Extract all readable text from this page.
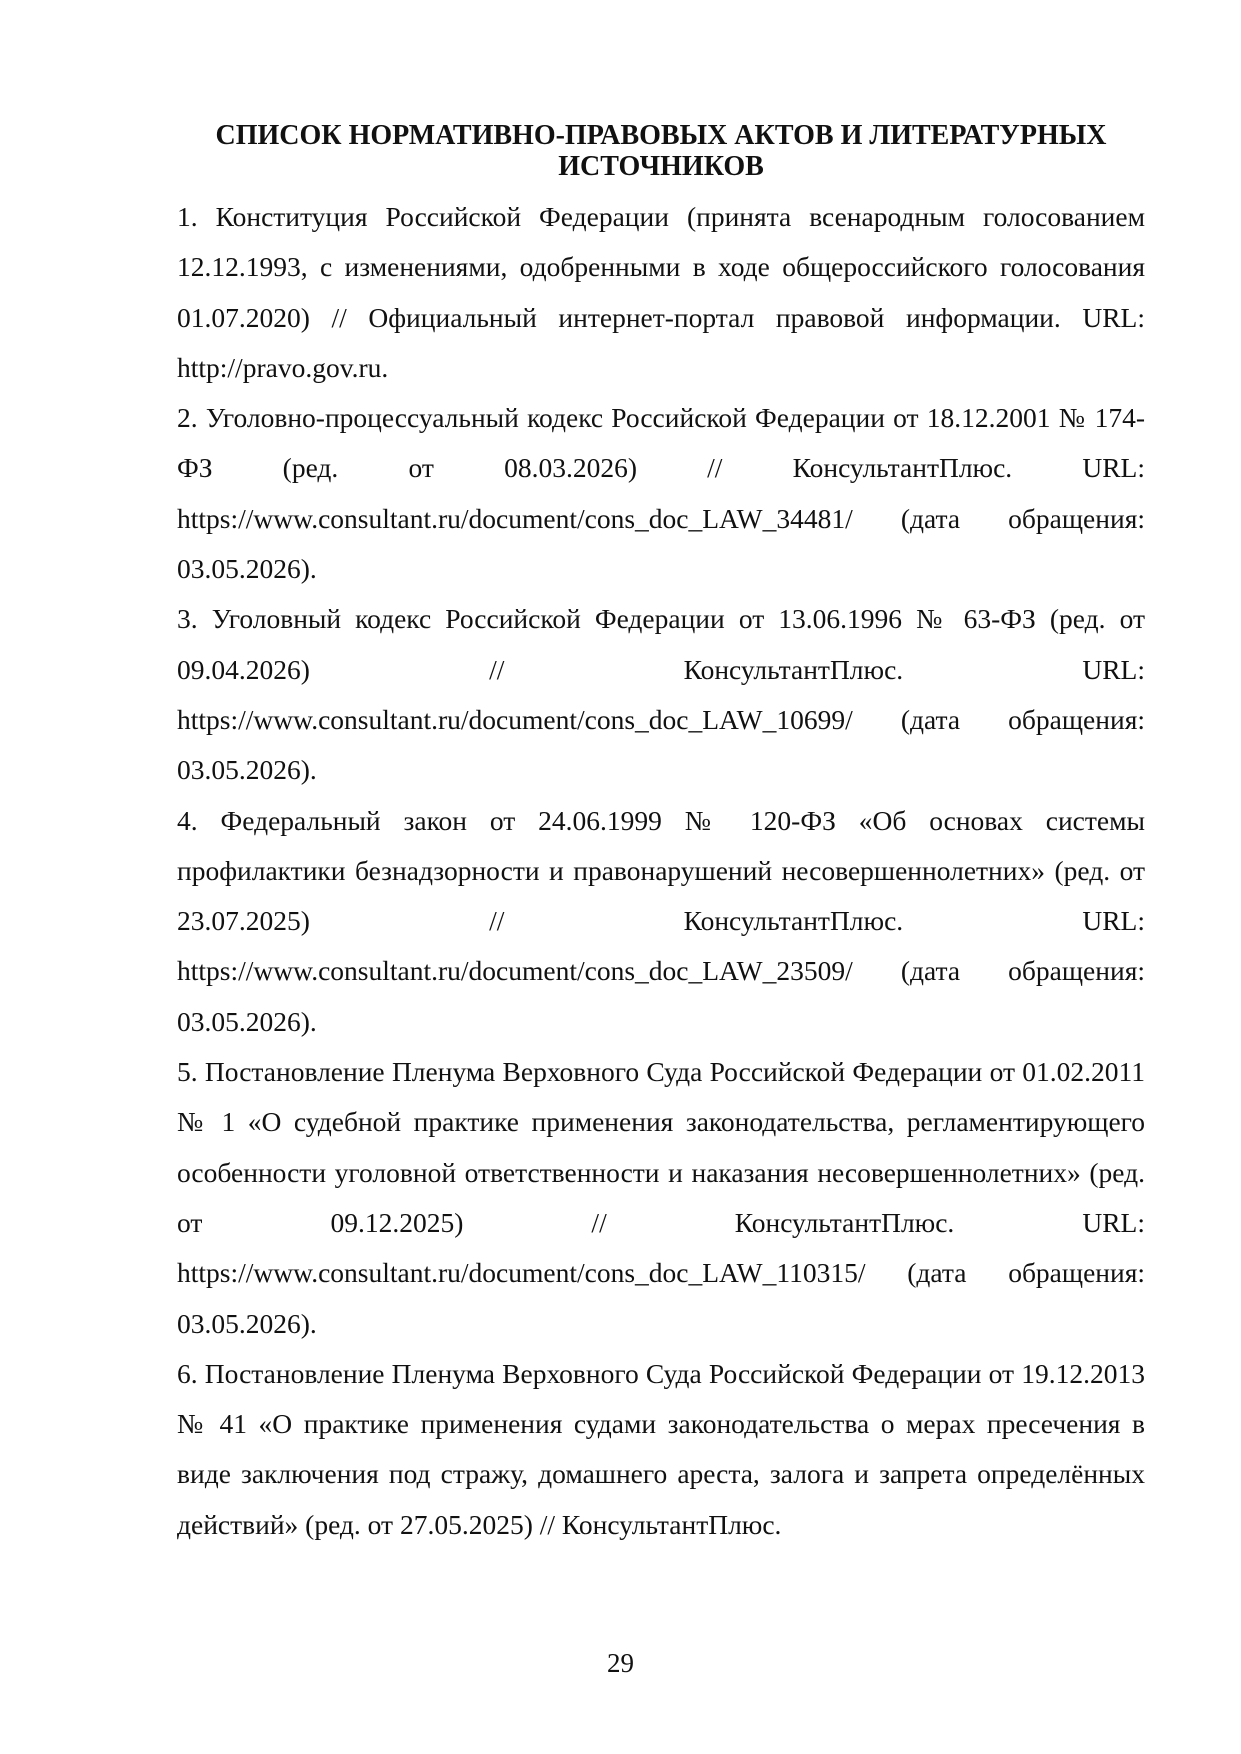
СПИСОК НОРМАТИВНО-ПРАВОВЫХ АКТОВ И ЛИТЕРАТУРНЫХ ИСТОЧНИКОВ
1. Конституция Российской Федерации (принята всенародным голосованием 12.12.1993, с изменениями, одобренными в ходе общероссийского голосования 01.07.2020) // Официальный интернет-портал правовой информации. URL: http://pravo.gov.ru.
2. Уголовно-процессуальный кодекс Российской Федерации от 18.12.2001 № 174-ФЗ (ред. от 08.03.2026) // КонсультантПлюс. URL: https://www.consultant.ru/document/cons_doc_LAW_34481/ (дата обращения: 03.05.2026).
3. Уголовный кодекс Российской Федерации от 13.06.1996 № 63-ФЗ (ред. от 09.04.2026) // КонсультантПлюс. URL: https://www.consultant.ru/document/cons_doc_LAW_10699/ (дата обращения: 03.05.2026).
4. Федеральный закон от 24.06.1999 № 120-ФЗ «Об основах системы профилактики безнадзорности и правонарушений несовершеннолетних» (ред. от 23.07.2025) // КонсультантПлюс. URL: https://www.consultant.ru/document/cons_doc_LAW_23509/ (дата обращения: 03.05.2026).
5. Постановление Пленума Верховного Суда Российской Федерации от 01.02.2011 № 1 «О судебной практике применения законодательства, регламентирующего особенности уголовной ответственности и наказания несовершеннолетних» (ред. от 09.12.2025) // КонсультантПлюс. URL: https://www.consultant.ru/document/cons_doc_LAW_110315/ (дата обращения: 03.05.2026).
6. Постановление Пленума Верховного Суда Российской Федерации от 19.12.2013 № 41 «О практике применения судами законодательства о мерах пресечения в виде заключения под стражу, домашнего ареста, залога и запрета определённых действий» (ред. от 27.05.2025) // КонсультантПлюс.
29
